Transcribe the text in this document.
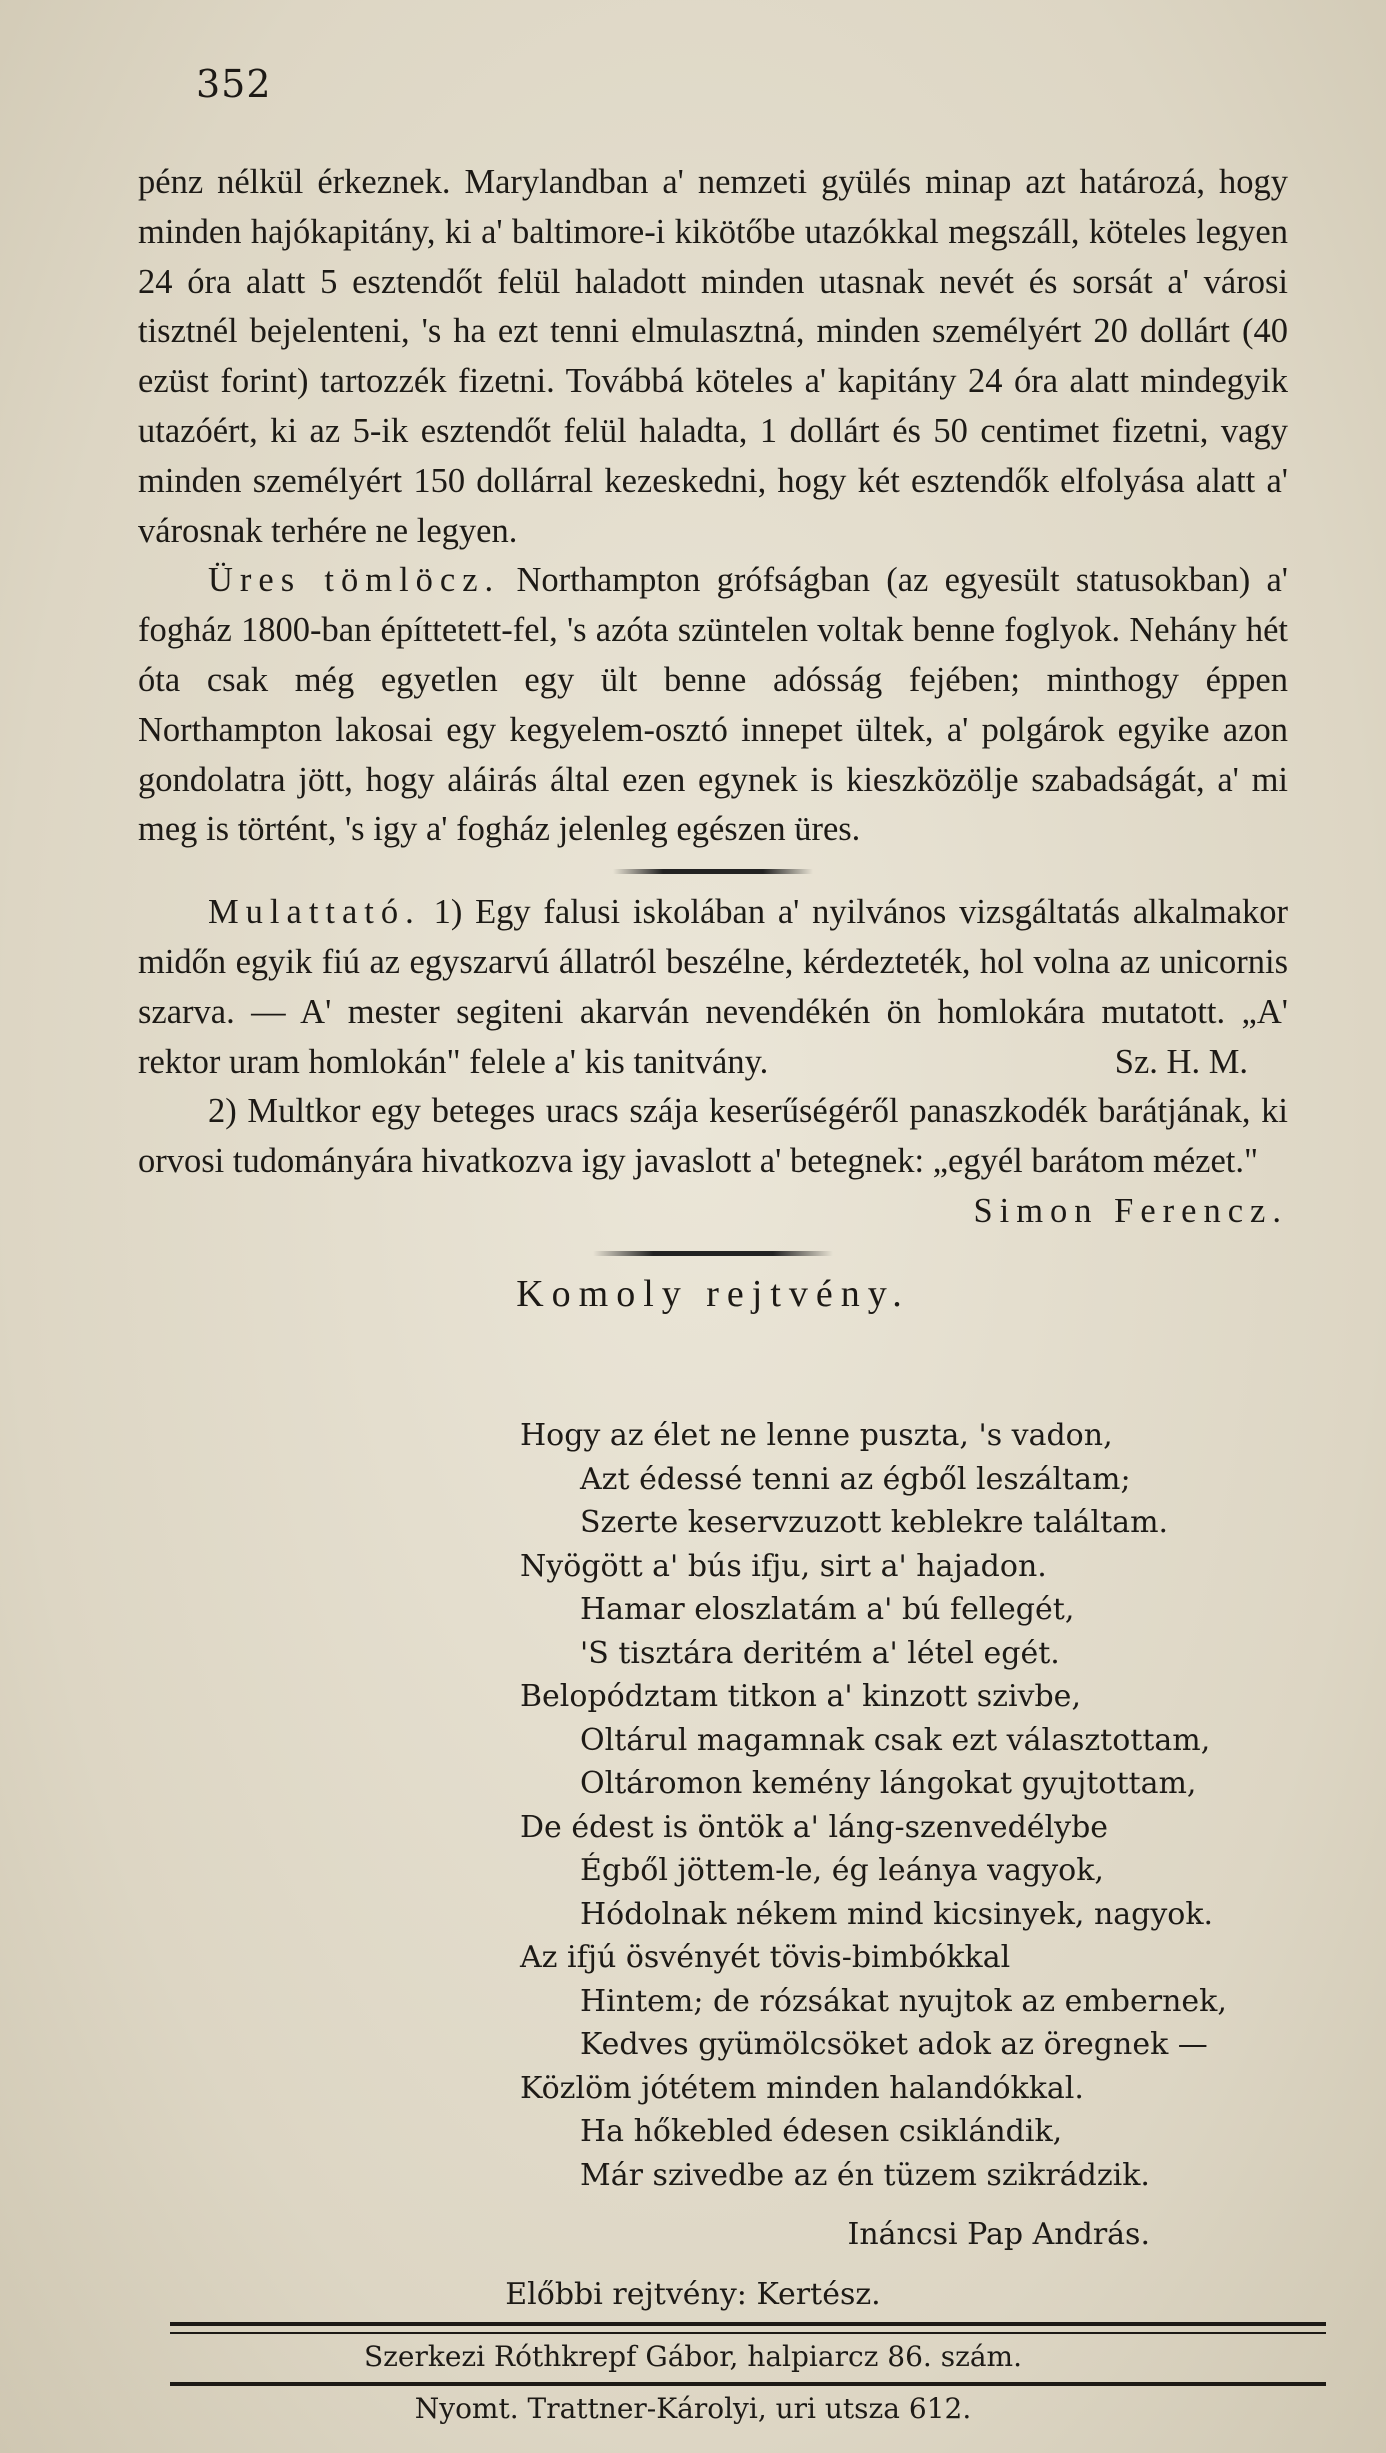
352

pénz nélkül érkeznek. Marylandban a' nemzeti gyülés minap azt határozá, hogy minden hajókapitány, ki a' baltimore-i kikötőbe utazókkal megszáll, köteles legyen 24 óra alatt 5 esztendőt felül haladott minden utasnak nevét és sorsát a' városi tisztnél bejelenteni, 's ha ezt tenni elmulasztná, minden személyért 20 dollárt (40 ezüst forint) tartozzék fizetni. Továbbá köteles a' kapitány 24 óra alatt mindegyik utazóért, ki az 5-ik esztendőt felül haladta, 1 dollárt és 50 centimet fizetni, vagy minden személyért 150 dollárral kezeskedni, hogy két esztendők elfolyása alatt a' városnak terhére ne legyen.

Üres tömlöcz. Northampton grófságban (az egyesült statusokban) a' fogház 1800-ban építtetett-fel, 's azóta szüntelen voltak benne foglyok. Nehány hét óta csak még egyetlen egy ült benne adósság fejében; minthogy éppen Northampton lakosai egy kegyelem-osztó innepet ültek, a' polgárok egyike azon gondolatra jött, hogy aláirás által ezen egynek is kieszközölje szabadságát, a' mi meg is történt, 's igy a' fogház jelenleg egészen üres.

Mulattató. 1) Egy falusi iskolában a' nyilvános vizsgáltatás alkalmakor midőn egyik fiú az egyszarvú állatról beszélne, kérdezteték, hol volna az unicornis szarva. — A' mester segiteni akarván nevendékén ön homlokára mutatott. „A' rektor uram homlokán" felele a' kis tanitvány.	Sz. H. M.

2) Multkor egy beteges uracs szája keserűségéről panaszkodék barátjának, ki orvosi tudományára hivatkozva igy javaslott a' betegnek: „egyél barátom mézet."
Simon Ferencz.

Komoly rejtvény.
Hogy az élet ne lenne puszta, 's vadon,
Azt édessé tenni az égből leszáltam;
Szerte keservzuzott keblekre találtam.
Nyögött a' bús ifju, sirt a' hajadon.
Hamar eloszlatám a' bú fellegét,
'S tisztára deritém a' létel egét.
Belopództam titkon a' kinzott szivbe,
Oltárul magamnak csak ezt választottam,
Oltáromon kemény lángokat gyujtottam,
De édest is öntök a' láng-szenvedélybe
Égből jöttem-le, ég leánya vagyok,
Hódolnak nékem mind kicsinyek, nagyok.
Az ifjú ösvényét tövis-bimbókkal
Hintem; de rózsákat nyujtok az embernek,
Kedves gyümölcsöket adok az öregnek —
Közlöm jótétem minden halandókkal.
Ha hőkebled édesen csiklándik,
Már szivedbe az én tüzem szikrádzik.
Ináncsi Pap András.
Előbbi rejtvény: Kertész.
Szerkezi Róthkrepf Gábor, halpiarcz 86. szám.
Nyomt. Trattner-Károlyi, uri utsza 612.
